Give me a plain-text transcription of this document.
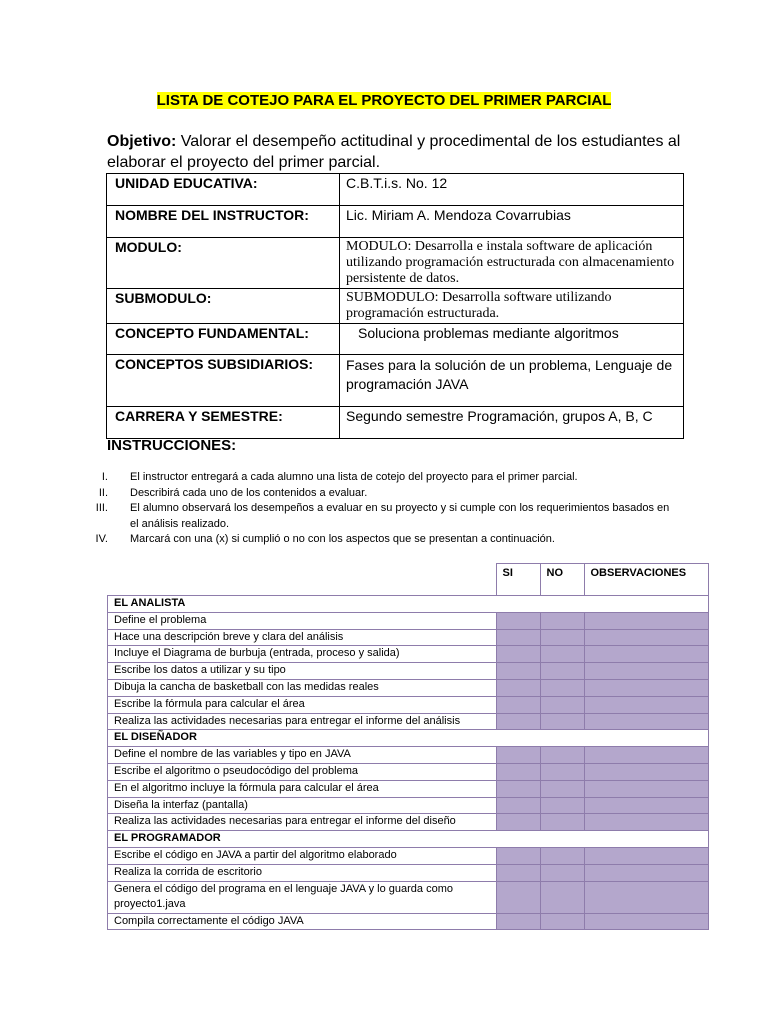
LISTA DE COTEJO PARA EL PROYECTO DEL PRIMER PARCIAL
Objetivo: Valorar el desempeño actitudinal y procedimental de los estudiantes al elaborar el proyecto del primer parcial.
UNIDAD EDUCATIVA:	C.B.T.i.s. No. 12
NOMBRE DEL INSTRUCTOR:	Lic. Miriam A. Mendoza Covarrubias
MODULO:	MODULO: Desarrolla e instala software de aplicación utilizando programación estructurada con almacenamiento persistente de datos.
SUBMODULO:	SUBMODULO: Desarrolla software utilizando programación estructurada.
CONCEPTO FUNDAMENTAL:	Soluciona problemas mediante algoritmos
CONCEPTOS SUBSIDIARIOS:	Fases para la solución de un problema, Lenguaje de programación JAVA
CARRERA Y SEMESTRE:	Segundo semestre Programación, grupos A, B, C
INSTRUCCIONES:
I. El instructor entregará a cada alumno una lista de cotejo del proyecto para el primer parcial.
II. Describirá cada uno de los contenidos a evaluar.
III. El alumno observará los desempeños a evaluar en su proyecto y si cumple con los requerimientos basados en el análisis realizado.
IV. Marcará con una (x) si cumplió o no con los aspectos que se presentan a continuación.
	SI	NO	OBSERVACIONES
EL ANALISTA			
Define el problema			
Hace una descripción breve y clara del análisis			
Incluye el Diagrama de burbuja (entrada, proceso y salida)			
Escribe los datos a utilizar y su tipo			
Dibuja la cancha de basketball con las medidas reales			
Escribe la fórmula para calcular el área			
Realiza las actividades necesarias para entregar el informe del análisis			
EL DISEÑADOR			
Define el nombre de las variables y tipo en JAVA			
Escribe el algoritmo o pseudocódigo del problema			
En el algoritmo incluye la fórmula para calcular el área			
Diseña la interfaz (pantalla)			
Realiza las actividades necesarias para entregar el informe del diseño			
EL PROGRAMADOR			
Escribe el código en JAVA a partir del algoritmo elaborado			
Realiza la corrida de escritorio			
Genera el código del programa en el lenguaje JAVA y lo guarda como proyecto1.java			
Compila correctamente el código JAVA			
